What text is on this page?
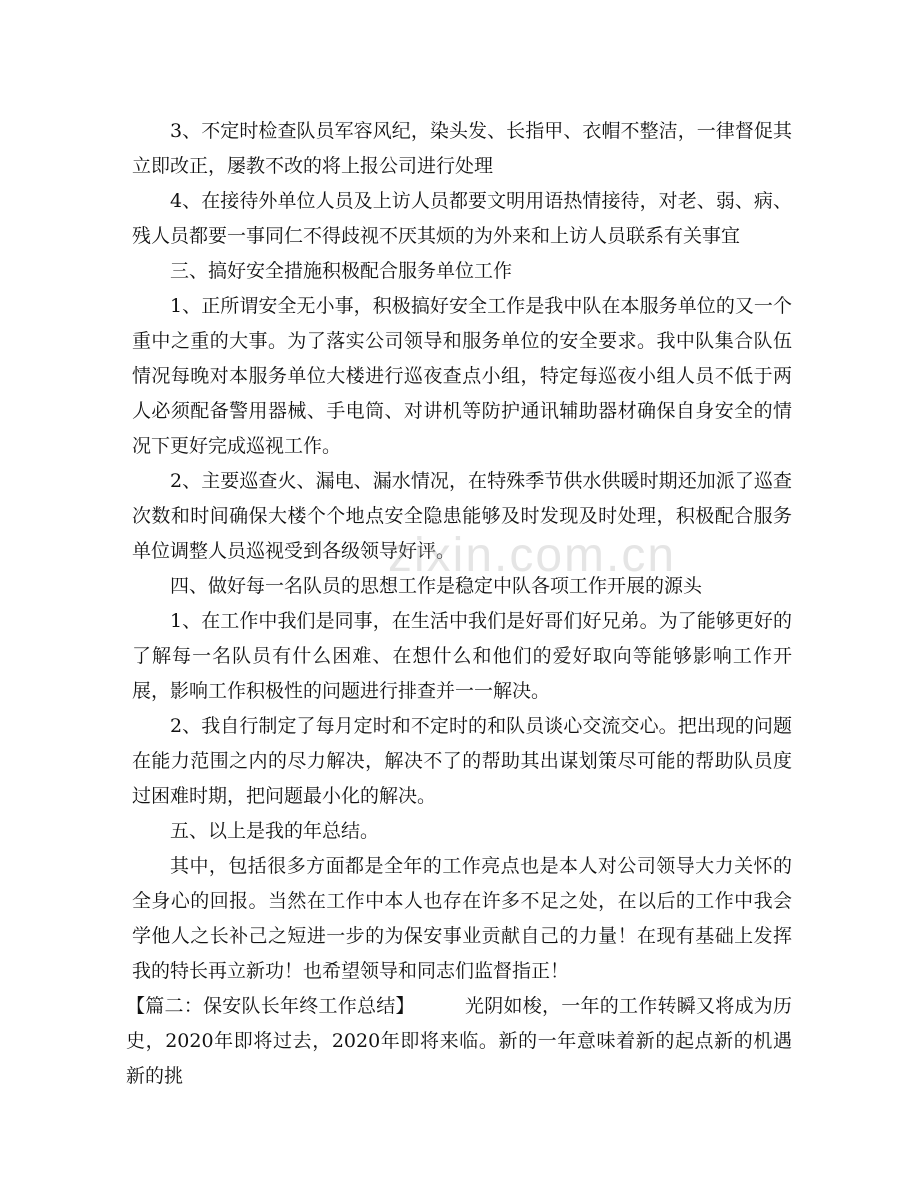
3、不定时检查队员军容风纪，染头发、长指甲、衣帽不整洁，一律督促其立即改正，屡教不改的将上报公司进行处理

4、在接待外单位人员及上访人员都要文明用语热情接待，对老、弱、病、残人员都要一事同仁不得歧视不厌其烦的为外来和上访人员联系有关事宜

三、搞好安全措施积极配合服务单位工作

1、正所谓安全无小事，积极搞好安全工作是我中队在本服务单位的又一个重中之重的大事。为了落实公司领导和服务单位的安全要求。我中队集合队伍情况每晚对本服务单位大楼进行巡夜查点小组，特定每巡夜小组人员不低于两人必须配备警用器械、手电筒、对讲机等防护通讯辅助器材确保自身安全的情况下更好完成巡视工作。

2、主要巡查火、漏电、漏水情况，在特殊季节供水供暖时期还加派了巡查次数和时间确保大楼个个地点安全隐患能够及时发现及时处理，积极配合服务单位调整人员巡视受到各级领导好评。

四、做好每一名队员的思想工作是稳定中队各项工作开展的源头

1、在工作中我们是同事，在生活中我们是好哥们好兄弟。为了能够更好的了解每一名队员有什么困难、在想什么和他们的爱好取向等能够影响工作开展，影响工作积极性的问题进行排查并一一解决。

2、我自行制定了每月定时和不定时的和队员谈心交流交心。把出现的问题在能力范围之内的尽力解决，解决不了的帮助其出谋划策尽可能的帮助队员度过困难时期，把问题最小化的解决。

五、以上是我的年总结。

其中，包括很多方面都是全年的工作亮点也是本人对公司领导大力关怀的全身心的回报。当然在工作中本人也存在许多不足之处，在以后的工作中我会学他人之长补己之短进一步的为保安事业贡献自己的力量！在现有基础上发挥我的特长再立新功！也希望领导和同志们监督指正！

【篇二：保安队长年终工作总结】	光阴如梭，一年的工作转瞬又将成为历史，2020年即将过去，2020年即将来临。新的一年意味着新的起点新的机遇新的挑

zixin.com.cn
